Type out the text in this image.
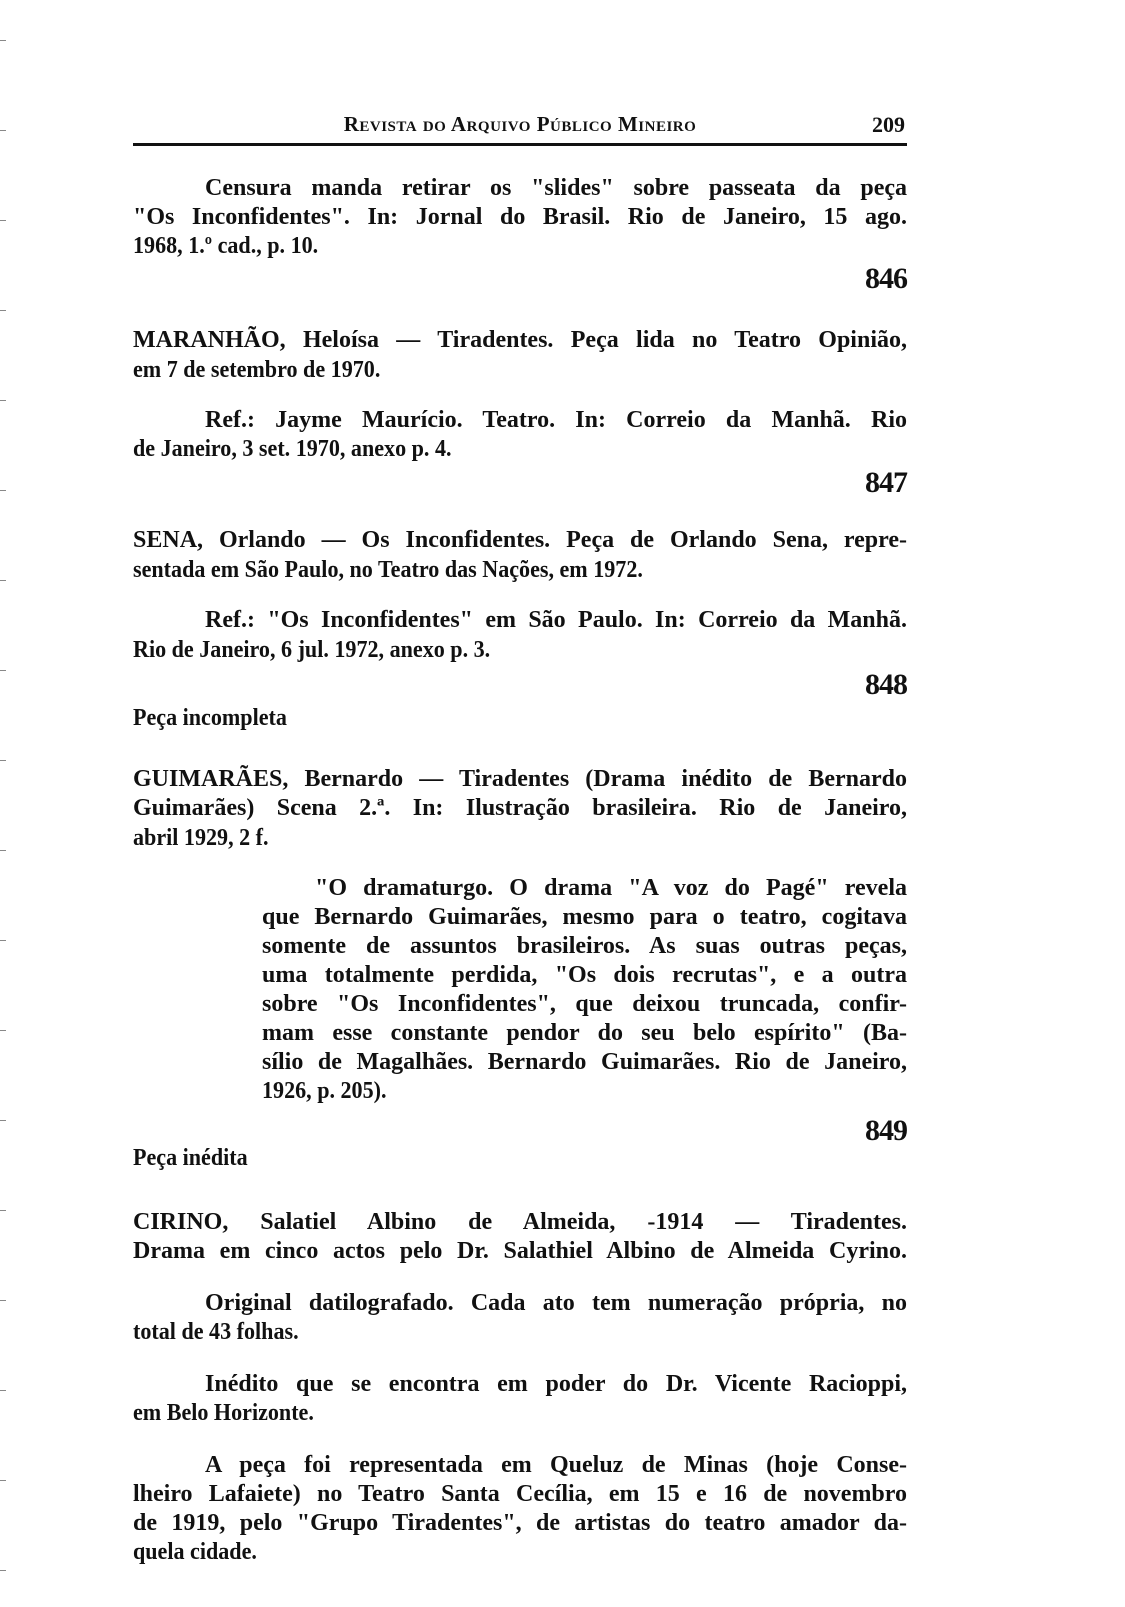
Revista do Arquivo Público Mineiro	209
Censura manda retirar os "slides" sobre passeata da peça
"Os Inconfidentes". In: Jornal do Brasil. Rio de Janeiro, 15 ago.
1968, 1.º cad., p. 10.
846
MARANHÃO, Heloísa — Tiradentes. Peça lida no Teatro Opinião,
em 7 de setembro de 1970.
Ref.: Jayme Maurício. Teatro. In: Correio da Manhã. Rio
de Janeiro, 3 set. 1970, anexo p. 4.
847
SENA, Orlando — Os Inconfidentes. Peça de Orlando Sena, repre-
sentada em São Paulo, no Teatro das Nações, em 1972.
Ref.: "Os Inconfidentes" em São Paulo. In: Correio da Manhã.
Rio de Janeiro, 6 jul. 1972, anexo p. 3.
848
Peça incompleta
GUIMARÃES, Bernardo — Tiradentes (Drama inédito de Bernardo
Guimarães) Scena 2.ª. In: Ilustração brasileira. Rio de Janeiro,
abril 1929, 2 f.
"O dramaturgo. O drama "A voz do Pagé" revela
que Bernardo Guimarães, mesmo para o teatro, cogitava
somente de assuntos brasileiros. As suas outras peças,
uma totalmente perdida, "Os dois recrutas", e a outra
sobre "Os Inconfidentes", que deixou truncada, confir-
mam esse constante pendor do seu belo espírito" (Ba-
sílio de Magalhães. Bernardo Guimarães. Rio de Janeiro,
1926, p. 205).
849
Peça inédita
CIRINO, Salatiel Albino de Almeida, -1914 — Tiradentes.
Drama em cinco actos pelo Dr. Salathiel Albino de Almeida Cyrino.
Original datilografado. Cada ato tem numeração própria, no
total de 43 folhas.
Inédito que se encontra em poder do Dr. Vicente Racioppi,
em Belo Horizonte.
A peça foi representada em Queluz de Minas (hoje Conse-
lheiro Lafaiete) no Teatro Santa Cecília, em 15 e 16 de novembro
de 1919, pelo "Grupo Tiradentes", de artistas do teatro amador da-
quela cidade.
